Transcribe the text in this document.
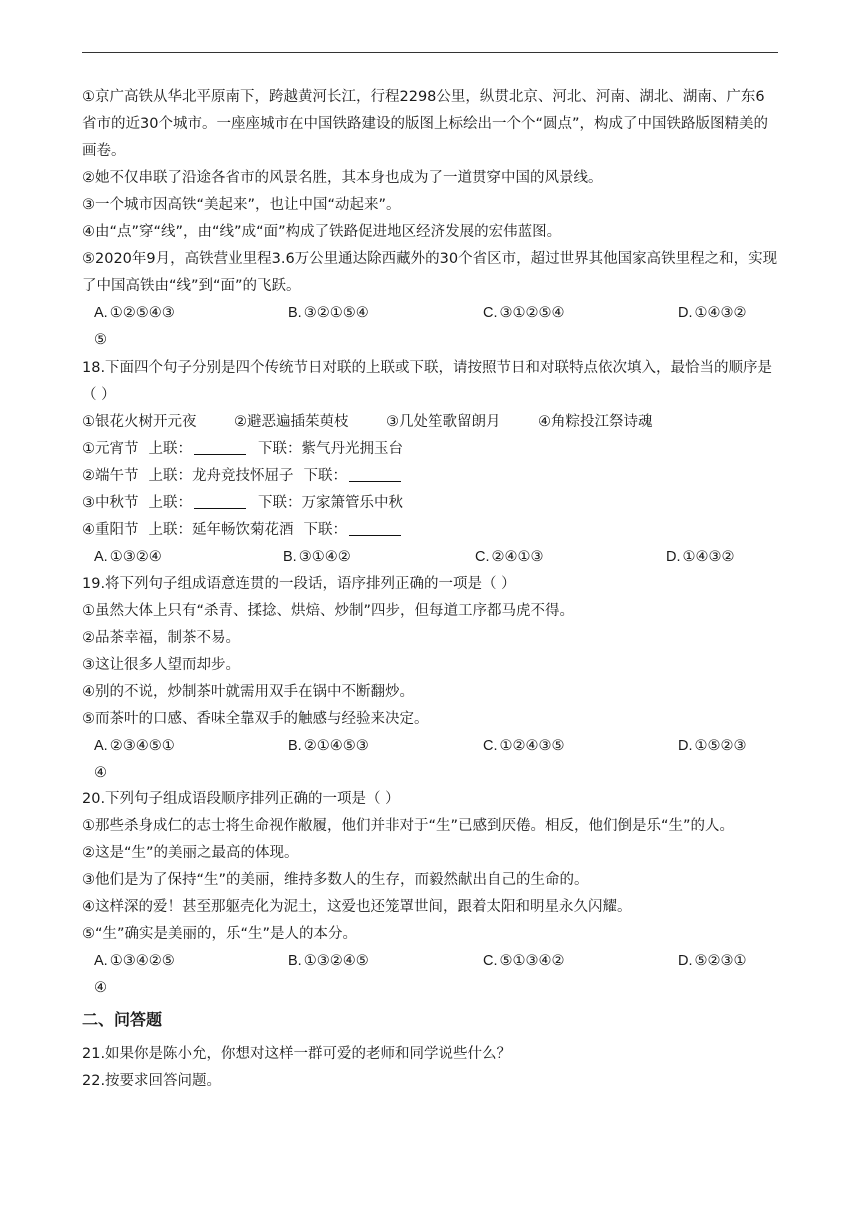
①京广高铁从华北平原南下，跨越黄河长江，行程2298公里，纵贯北京、河北、河南、湖北、湖南、广东6省市的近30个城市。一座座城市在中国铁路建设的版图上标绘出一个个“圆点”，构成了中国铁路版图精美的画卷。

②她不仅串联了沿途各省市的风景名胜，其本身也成为了一道贯穿中国的风景线。

③一个城市因高铁“美起来”，也让中国“动起来”。

④由“点”穿“线”，由“线”成“面”构成了铁路促进地区经济发展的宏伟蓝图。

⑤2020年9月，高铁营业里程3.6万公里通达除西藏外的30个省区市，超过世界其他国家高铁里程之和，实现了中国高铁由“线”到“面”的飞跃。

A. ①②⑤④③	B. ③②①⑤④	C. ③①②⑤④	D. ①④③②
⑤

18.下面四个句子分别是四个传统节日对联的上联或下联，请按照节日和对联特点依次填入，最恰当的顺序是（ ）

①银花火树开元夜	②避恶遍插茱萸枝	③几处笙歌留朗月	④角粽投江祭诗魂

①元宵节 上联：	下联：紫气丹光拥玉台

②端午节 上联：龙舟竞技怀屈子 下联：

③中秋节 上联：	下联：万家箫管乐中秋

④重阳节 上联：延年畅饮菊花酒 下联：

A. ①③②④	B. ③①④②	C. ②④①③	D. ①④③②

19.将下列句子组成语意连贯的一段话，语序排列正确的一项是（ ）

①虽然大体上只有“杀青、揉捻、烘焙、炒制”四步，但每道工序都马虎不得。

②品茶幸福，制茶不易。

③这让很多人望而却步。

④别的不说，炒制茶叶就需用双手在锅中不断翻炒。

⑤而茶叶的口感、香味全靠双手的触感与经验来决定。

A. ②③④⑤①	B. ②①④⑤③	C. ①②④③⑤	D. ①⑤②③
④

20.下列句子组成语段顺序排列正确的一项是（ ）

①那些杀身成仁的志士将生命视作敝履，他们并非对于“生”已感到厌倦。相反，他们倒是乐“生”的人。

②这是“生”的美丽之最高的体现。

③他们是为了保持“生”的美丽，维持多数人的生存，而毅然献出自己的生命的。

④这样深的爱！甚至那躯壳化为泥土，这爱也还笼罩世间，跟着太阳和明星永久闪耀。

⑤“生”确实是美丽的，乐“生”是人的本分。

A. ①③④②⑤	B. ①③②④⑤	C. ⑤①③④②	D. ⑤②③①
④
二、问答题

21.如果你是陈小允，你想对这样一群可爱的老师和同学说些什么？

22.按要求回答问题。
